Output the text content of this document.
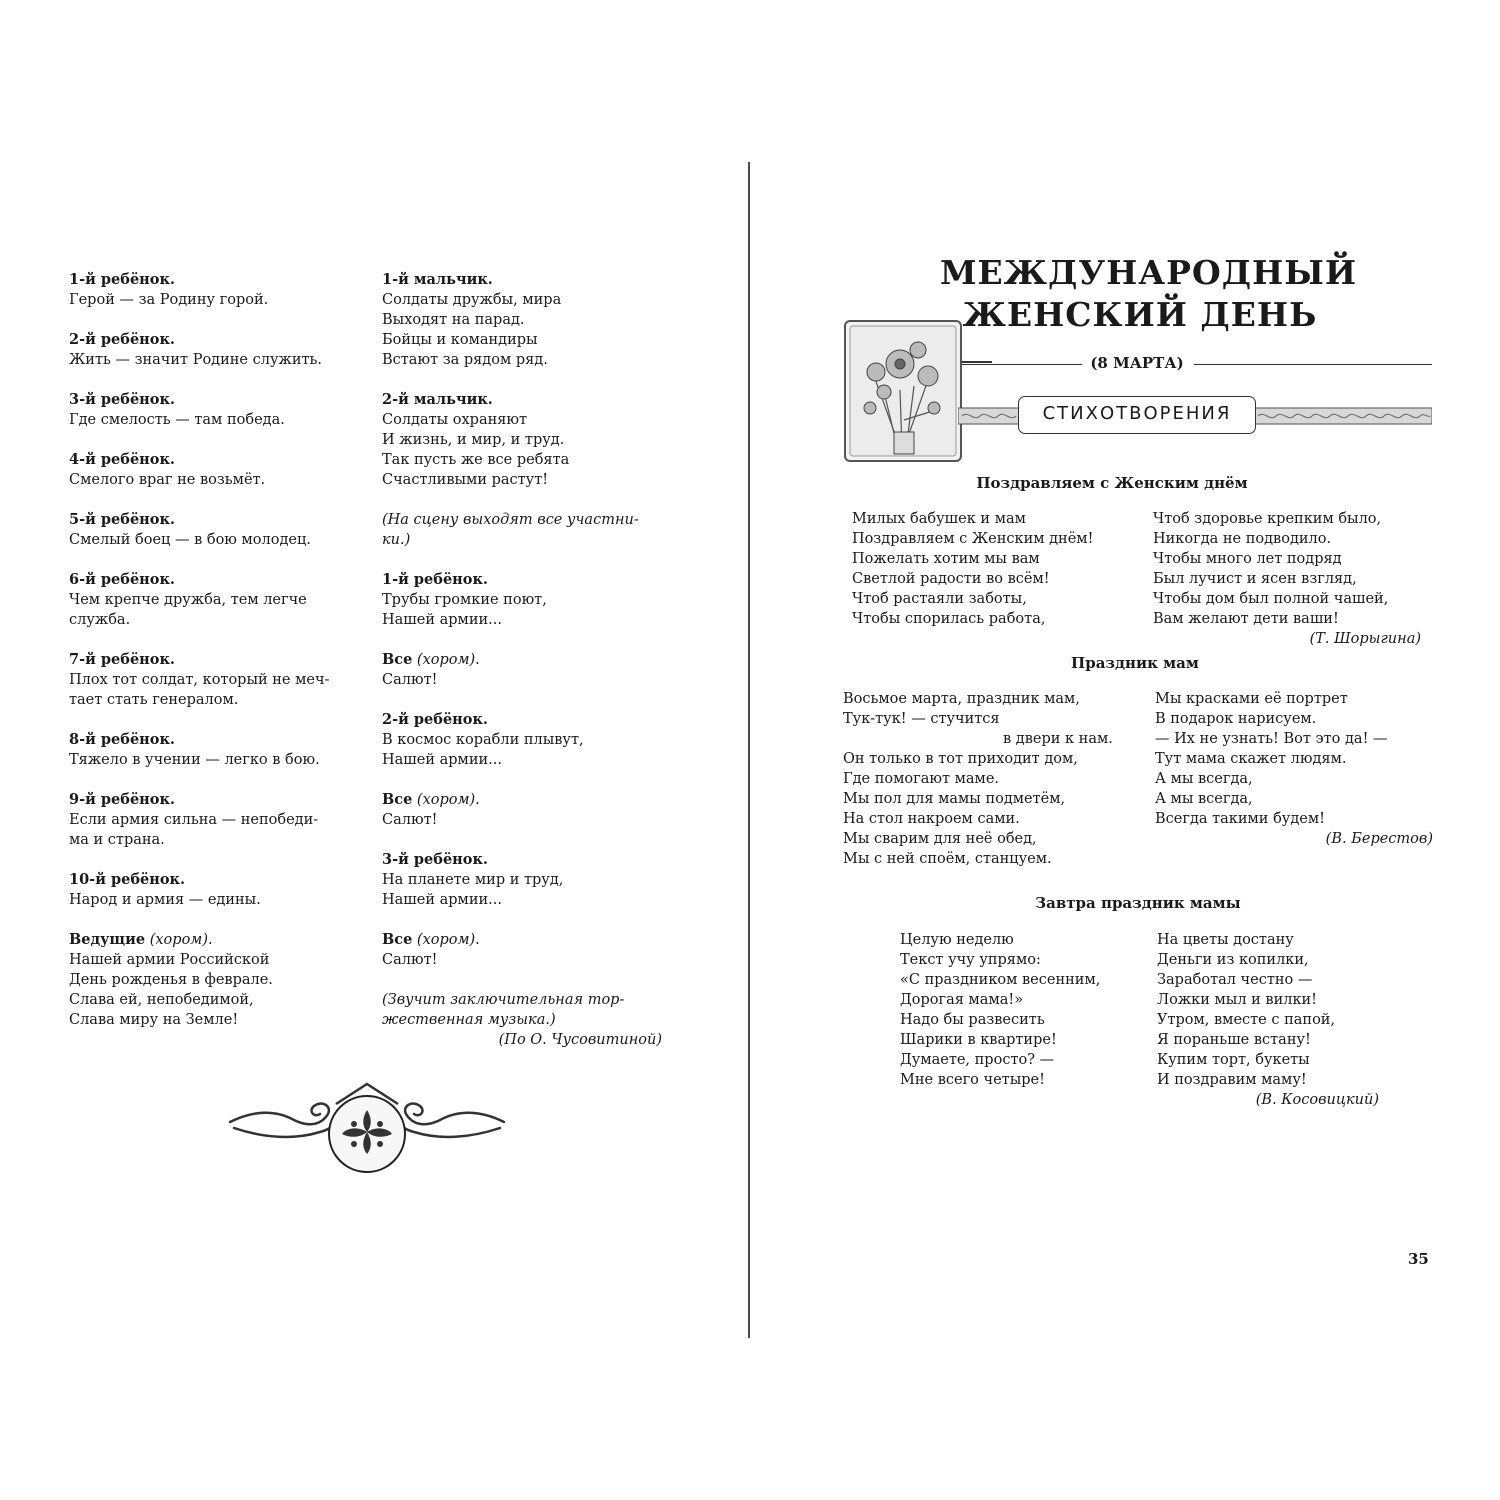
1-й ребёнок.
Герой — за Родину горой.
2-й ребёнок.
Жить — значит Родине служить.
3-й ребёнок.
Где смелость — там победа.
4-й ребёнок.
Смелого враг не возьмёт.
5-й ребёнок.
Смелый боец — в бою молодец.
6-й ребёнок.
Чем крепче дружба, тем легче
служба.
7-й ребёнок.
Плох тот солдат, который не меч-
тает стать генералом.
8-й ребёнок.
Тяжело в учении — легко в бою.
9-й ребёнок.
Если армия сильна — непобеди-
ма и страна.
10-й ребёнок.
Народ и армия — едины.
Ведущие (хором).
Нашей армии Российской
День рожденья в феврале.
Слава ей, непобедимой,
Слава миру на Земле!
1-й мальчик.
Солдаты дружбы, мира
Выходят на парад.
Бойцы и командиры
Встают за рядом ряд.
2-й мальчик.
Солдаты охраняют
И жизнь, и мир, и труд.
Так пусть же все ребята
Счастливыми растут!
(На сцену выходят все участни-
ки.)
1-й ребёнок.
Трубы громкие поют,
Нашей армии...
Все (хором).
Салют!
2-й ребёнок.
В космос корабли плывут,
Нашей армии...
Все (хором).
Салют!
3-й ребёнок.
На планете мир и труд,
Нашей армии...
Все (хором).
Салют!
(Звучит заключительная тор-
жественная музыка.)
(По О. Чусовитиной)
МЕЖДУНАРОДНЫЙ
ЖЕНСКИЙ ДЕНЬ
(8 МАРТА)
СТИХОТВОРЕНИЯ
Поздравляем с Женским днём
Милых бабушек и мам
Поздравляем с Женским днём!
Пожелать хотим мы вам
Светлой радости во всём!
Чтоб растаяли заботы,
Чтобы спорилась работа,
Чтоб здоровье крепким было,
Никогда не подводило.
Чтобы много лет подряд
Был лучист и ясен взгляд,
Чтобы дом был полной чашей,
Вам желают дети ваши!
(Т. Шорыгина)
Праздник мам
Восьмое марта, праздник мам,
Тук-тук! — стучится
в двери к нам.
Он только в тот приходит дом,
Где помогают маме.
Мы пол для мамы подметём,
На стол накроем сами.
Мы сварим для неё обед,
Мы с ней споём, станцуем.
Мы красками её портрет
В подарок нарисуем.
— Их не узнать! Вот это да! —
Тут мама скажет людям.
А мы всегда,
А мы всегда,
Всегда такими будем!
(В. Берестов)
Завтра праздник мамы
Целую неделю
Текст учу упрямо:
«С праздником весенним,
Дорогая мама!»
Надо бы развесить
Шарики в квартире!
Думаете, просто? —
Мне всего четыре!
На цветы достану
Деньги из копилки,
Заработал честно —
Ложки мыл и вилки!
Утром, вместе с папой,
Я пораньше встану!
Купим торт, букеты
И поздравим маму!
(В. Косовицкий)
35
